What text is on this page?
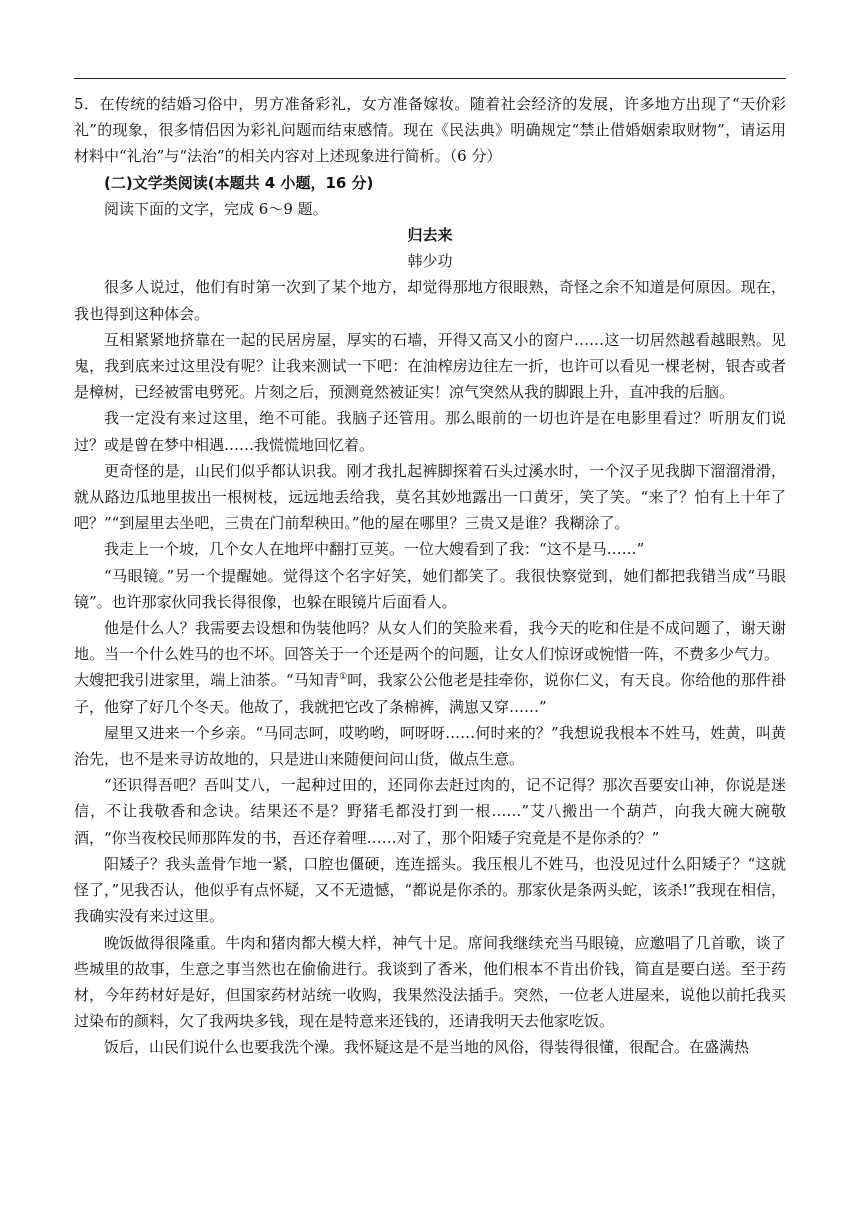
5．在传统的结婚习俗中，男方准备彩礼，女方准备嫁妆。随着社会经济的发展，许多地方出现了“天价彩礼”的现象，很多情侣因为彩礼问题而结束感情。现在《民法典》明确规定“禁止借婚姻索取财物”，请运用材料中“礼治”与“法治”的相关内容对上述现象进行简析。（6 分）

(二)文学类阅读(本题共 4 小题，16 分)

阅读下面的文字，完成 6～9 题。

归去来

韩少功

很多人说过，他们有时第一次到了某个地方，却觉得那地方很眼熟，奇怪之余不知道是何原因。现在，我也得到这种体会。

互相紧紧地挤靠在一起的民居房屋，厚实的石墙，开得又高又小的窗户……这一切居然越看越眼熟。见鬼，我到底来过这里没有呢？让我来测试一下吧：在油榨房边往左一折，也许可以看见一棵老树，银杏或者是樟树，已经被雷电劈死。片刻之后，预测竟然被证实！凉气突然从我的脚跟上升，直冲我的后脑。

我一定没有来过这里，绝不可能。我脑子还管用。那么眼前的一切也许是在电影里看过？听朋友们说过？或是曾在梦中相遇……我慌慌地回忆着。

更奇怪的是，山民们似乎都认识我。刚才我扎起裤脚探着石头过溪水时，一个汉子见我脚下溜溜滑滑，就从路边瓜地里拔出一根树枝，远远地丢给我，莫名其妙地露出一口黄牙，笑了笑。“来了？怕有上十年了吧？”“到屋里去坐吧，三贵在门前犁秧田。”他的屋在哪里？三贵又是谁？我糊涂了。

我走上一个坡，几个女人在地坪中翻打豆荚。一位大嫂看到了我：“这不是马……”

“马眼镜。”另一个提醒她。觉得这个名字好笑，她们都笑了。我很快察觉到，她们都把我错当成“马眼镜”。也许那家伙同我长得很像，也躲在眼镜片后面看人。

他是什么人？我需要去设想和伪装他吗？从女人们的笑脸来看，我今天的吃和住是不成问题了，谢天谢地。当一个什么姓马的也不坏。回答关于一个还是两个的问题，让女人们惊讶或惋惜一阵，不费多少气力。

大嫂把我引进家里，端上油茶。“马知青①呵，我家公公他老是挂牵你，说你仁义，有天良。你给他的那件褂子，他穿了好几个冬天。他故了，我就把它改了条棉裤，满崽又穿……”

屋里又进来一个乡亲。“马同志呵，哎哟哟，呵呀呀……何时来的？”我想说我根本不姓马，姓黄，叫黄治先，也不是来寻访故地的，只是进山来随便问问山货，做点生意。

“还识得吾吧？吾叫艾八，一起种过田的，还同你去赶过肉的，记不记得？那次吾要安山神，你说是迷信，不让我敬香和念诀。结果还不是？野猪毛都没打到一根……”艾八搬出一个葫芦，向我大碗大碗敬酒，“你当夜校民师那阵发的书，吾还存着哩……对了，那个阳矮子究竟是不是你杀的？”

阳矮子？我头盖骨乍地一紧，口腔也僵硬，连连摇头。我压根儿不姓马，也没见过什么阳矮子？“这就怪了，”见我否认，他似乎有点怀疑，又不无遗憾，“都说是你杀的。那家伙是条两头蛇，该杀!”我现在相信，我确实没有来过这里。

晚饭做得很隆重。牛肉和猪肉都大模大样，神气十足。席间我继续充当马眼镜，应邀唱了几首歌，谈了些城里的故事，生意之事当然也在偷偷进行。我谈到了香米，他们根本不肯出价钱，简直是要白送。至于药材，今年药材好是好，但国家药材站统一收购，我果然没法插手。突然，一位老人进屋来，说他以前托我买过染布的颜料，欠了我两块多钱，现在是特意来还钱的，还请我明天去他家吃饭。

饭后，山民们说什么也要我洗个澡。我怀疑这是不是当地的风俗，得装得很懂，很配合。在盛满热
